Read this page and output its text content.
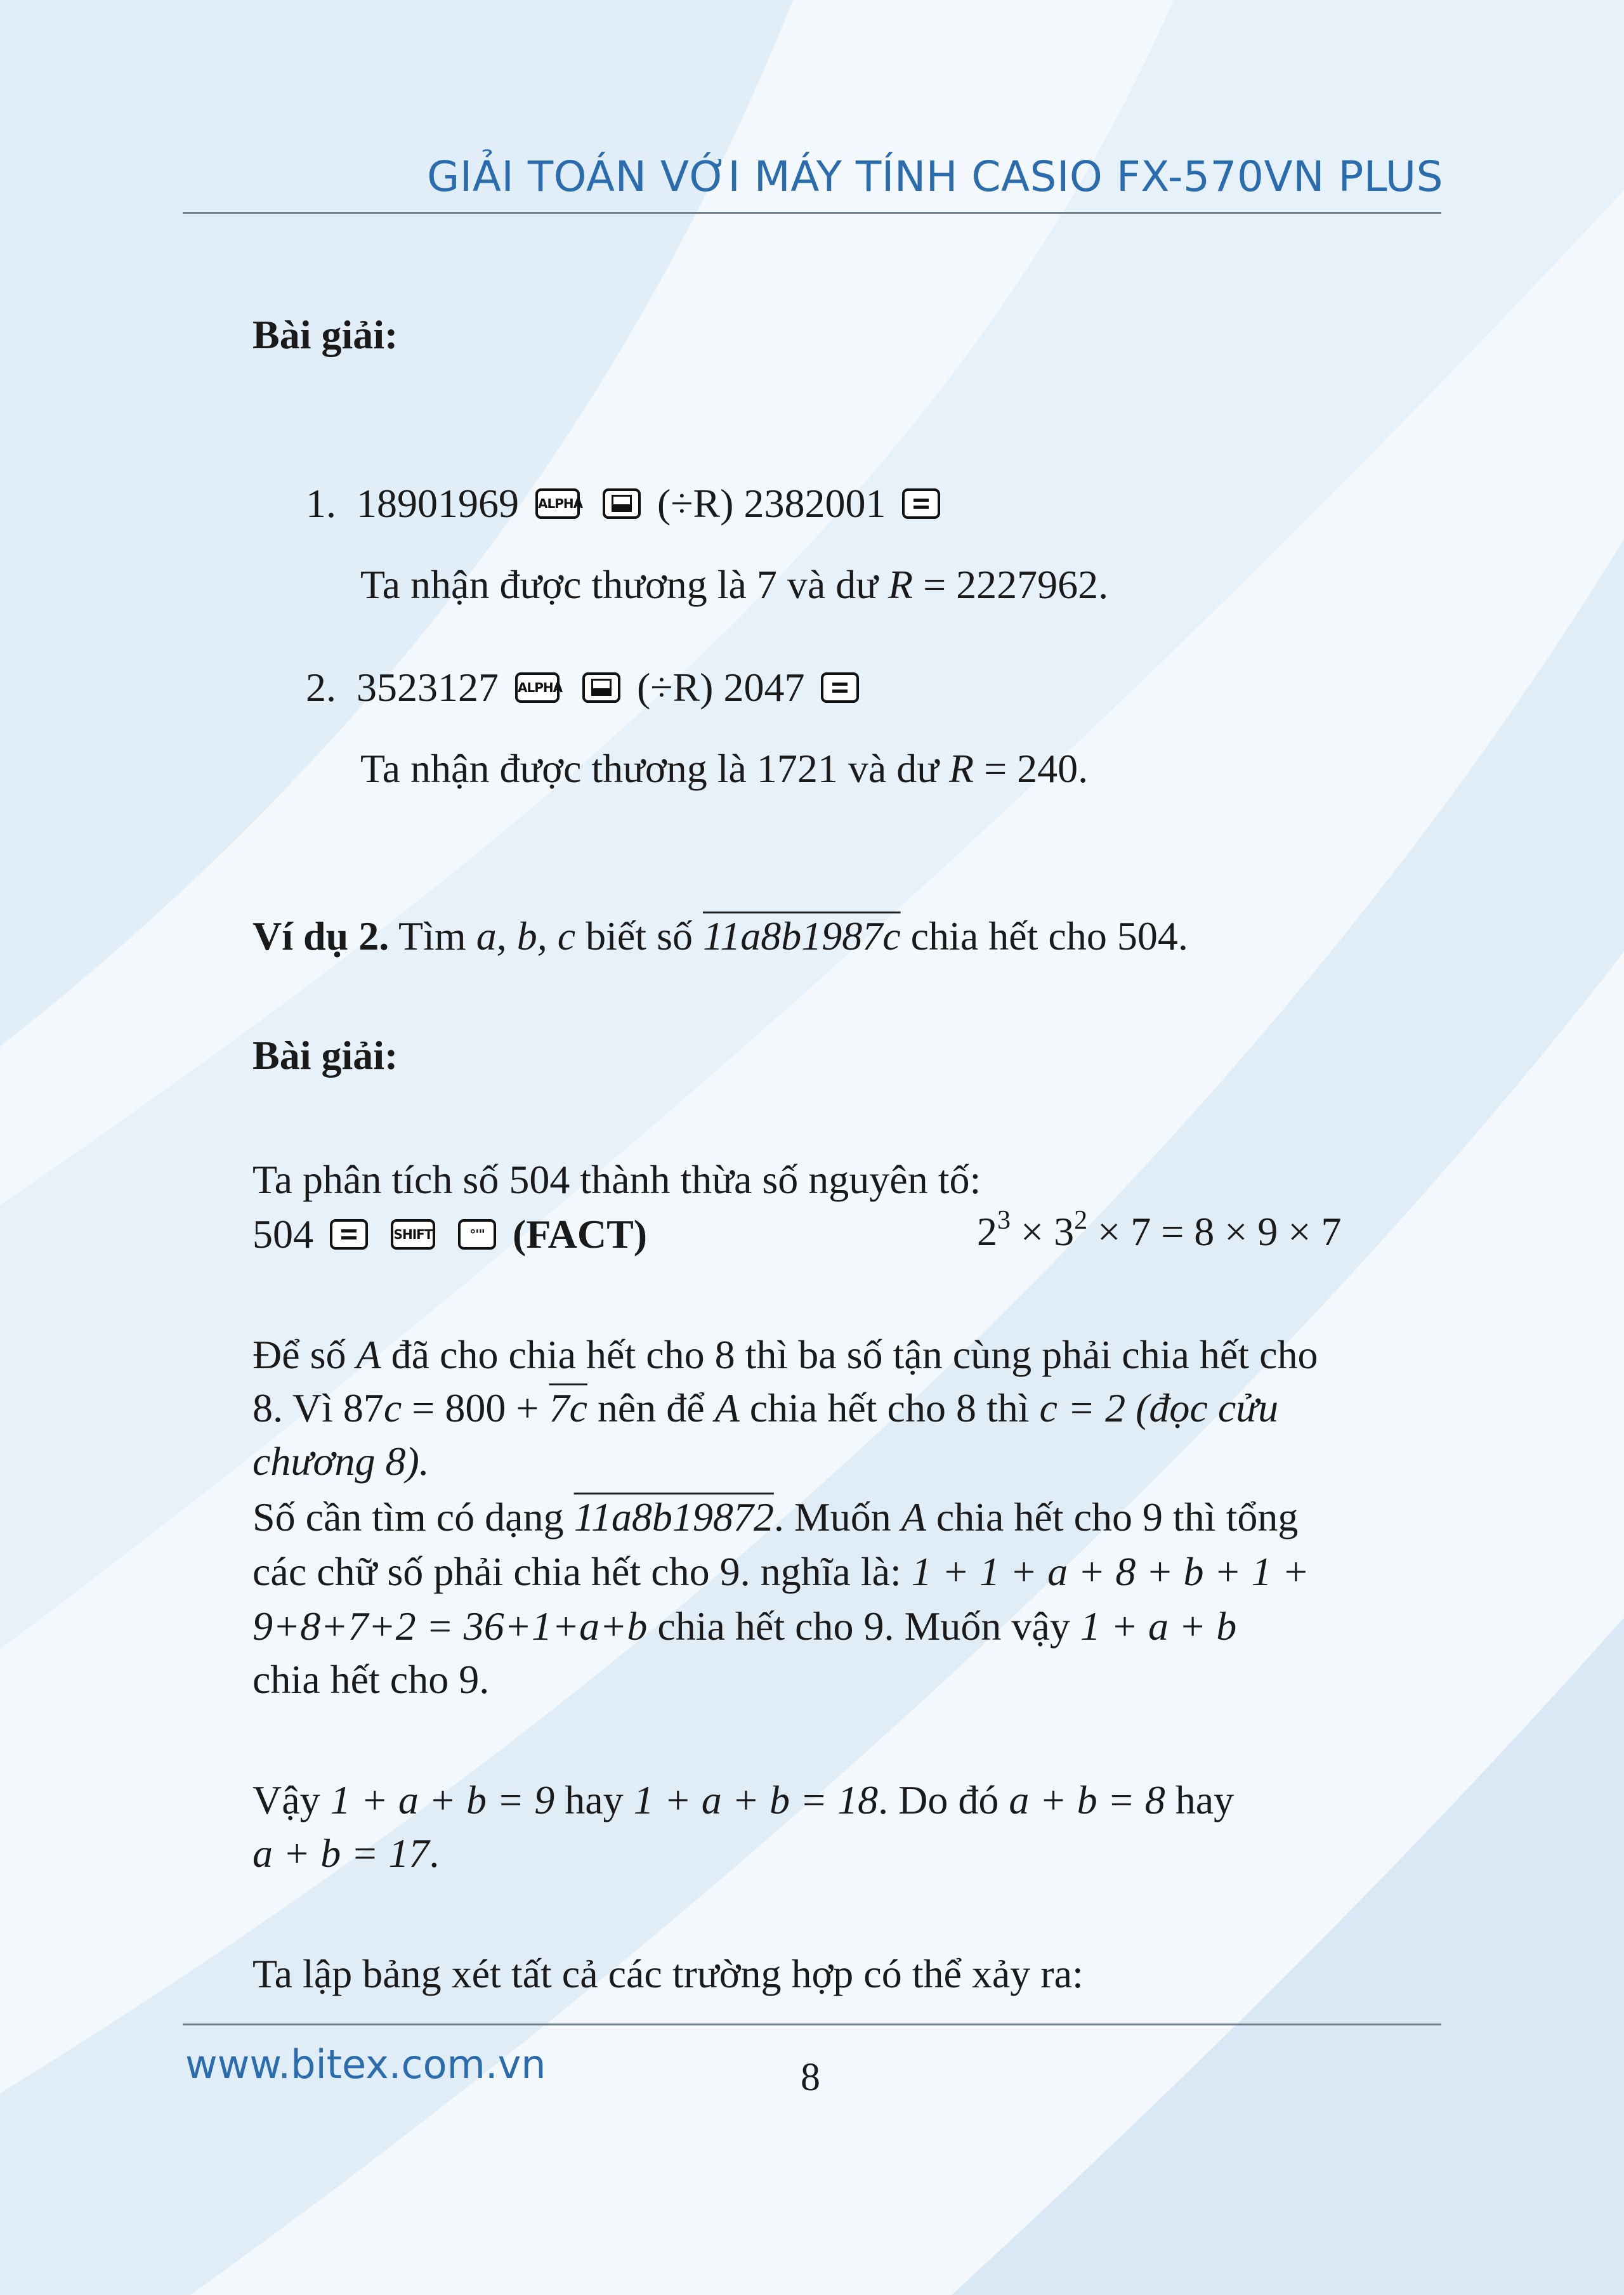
GIẢI TOÁN VỚI MÁY TÍNH CASIO FX-570VN PLUS
Bài giải:
1. 18901969 ALPHA
(÷R) 2382001
Ta nhận được thương là 7 và dư R = 2227962.
2. 3523127 ALPHA
(÷R) 2047
Ta nhận được thương là 1721 và dư R = 240.
Ví dụ 2. Tìm a, b, c biết số 11a8b1987c chia hết cho 504.
Bài giải:
Ta phân tích số 504 thành thừa số nguyên tố:
504
	SHIFT
	°'" (FACT)	$2^3 \times 3^2 \times 7 = 8 \times 9 \times 7$
Để số A đã cho chia hết cho 8 thì ba số tận cùng phải chia hết cho
8. Vì 87c = 800 + 7c nên để A chia hết cho 8 thì c = 2 (đọc cửu
chương 8).
Số cần tìm có dạng 11a8b19872. Muốn A chia hết cho 9 thì tổng
các chữ số phải chia hết cho 9. nghĩa là: 1 + 1 + a + 8 + b + 1 +
9+8+7+2 = 36+1+a+b chia hết cho 9. Muốn vậy 1 + a + b
chia hết cho 9.
Vậy 1 + a + b = 9 hay 1 + a + b = 18. Do đó a + b = 8 hay
a + b = 17.
Ta lập bảng xét tất cả các trường hợp có thể xảy ra:
www.bitex.com.vn	8
